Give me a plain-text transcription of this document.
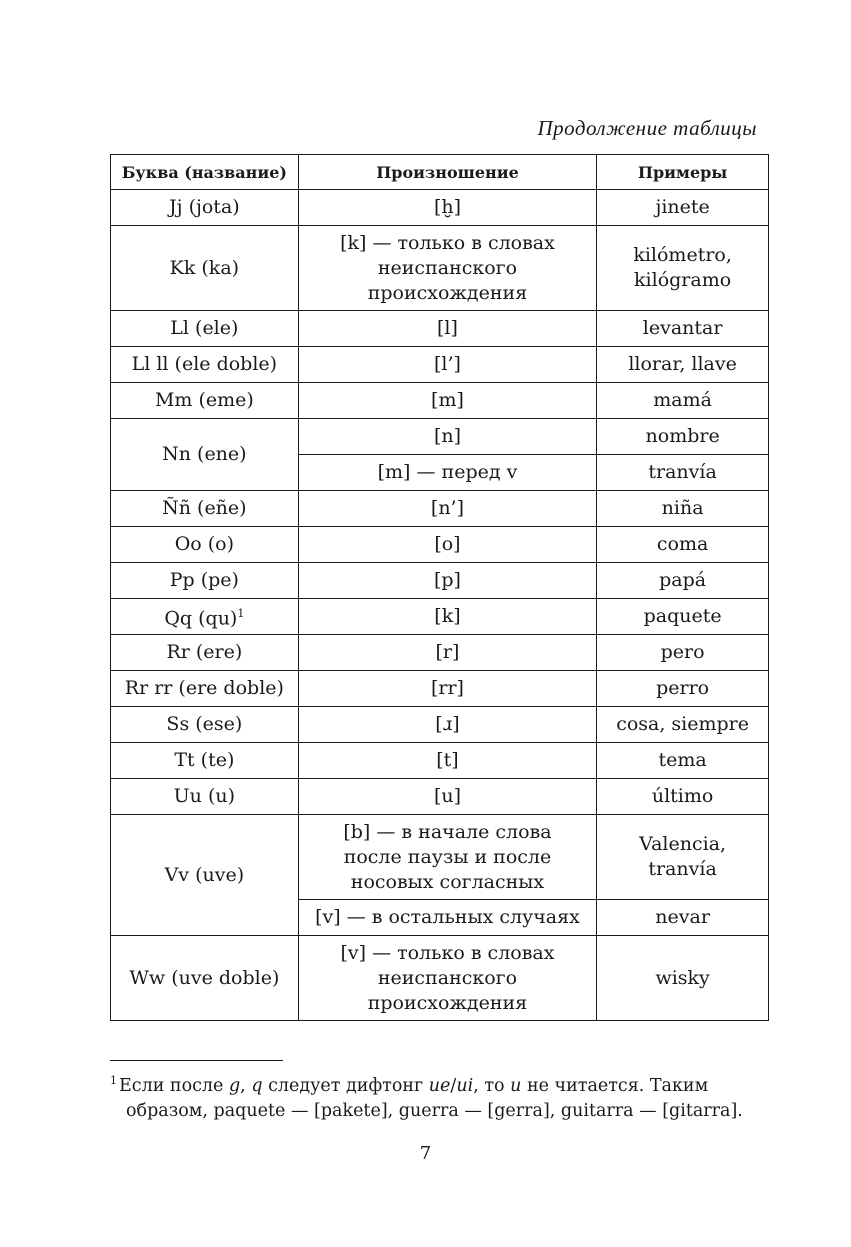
Продолжение таблицы
Буква (название)	Произношение	Примеры
Jj (jota)	[ḫ]	jinete
Kk (ka)	[k] — только в словах
неиспанского
происхождения	kilómetro,
kilógramo
Ll (ele)	[l]	levantar
Ll ll (ele doble)	[l’]	llorar, llave
Mm (eme)	[m]	mamá
Nn (ene)	[n]	nombre
	[m] — перед v	tranvía
Ññ (eñe)	[n’]	niña
Oo (o)	[o]	coma
Pp (pe)	[p]	papá
Qq (qu)$^1$	[k]	paquete
Rr (ere)	[r]	pero
Rr rr (ere doble)	[rr]	perro
Ss (ese)	[ɹ]	cosa, siempre
Tt (te)	[t]	tema
Uu (u)	[u]	último
Vv (uve)	[b] — в начале слова
после паузы и после
носовых согласных	Valencia,
tranvía
	[v] — в остальных случаях	nevar
Ww (uve doble)	[v] — только в словах
неиспанского
происхождения	wisky
$^1$ Если после g, q следует дифтонг ue/ui, то u не читается. Таким
образом, paquete — [pakete], guerra — [gerra], guitarra — [gitarra].
7
